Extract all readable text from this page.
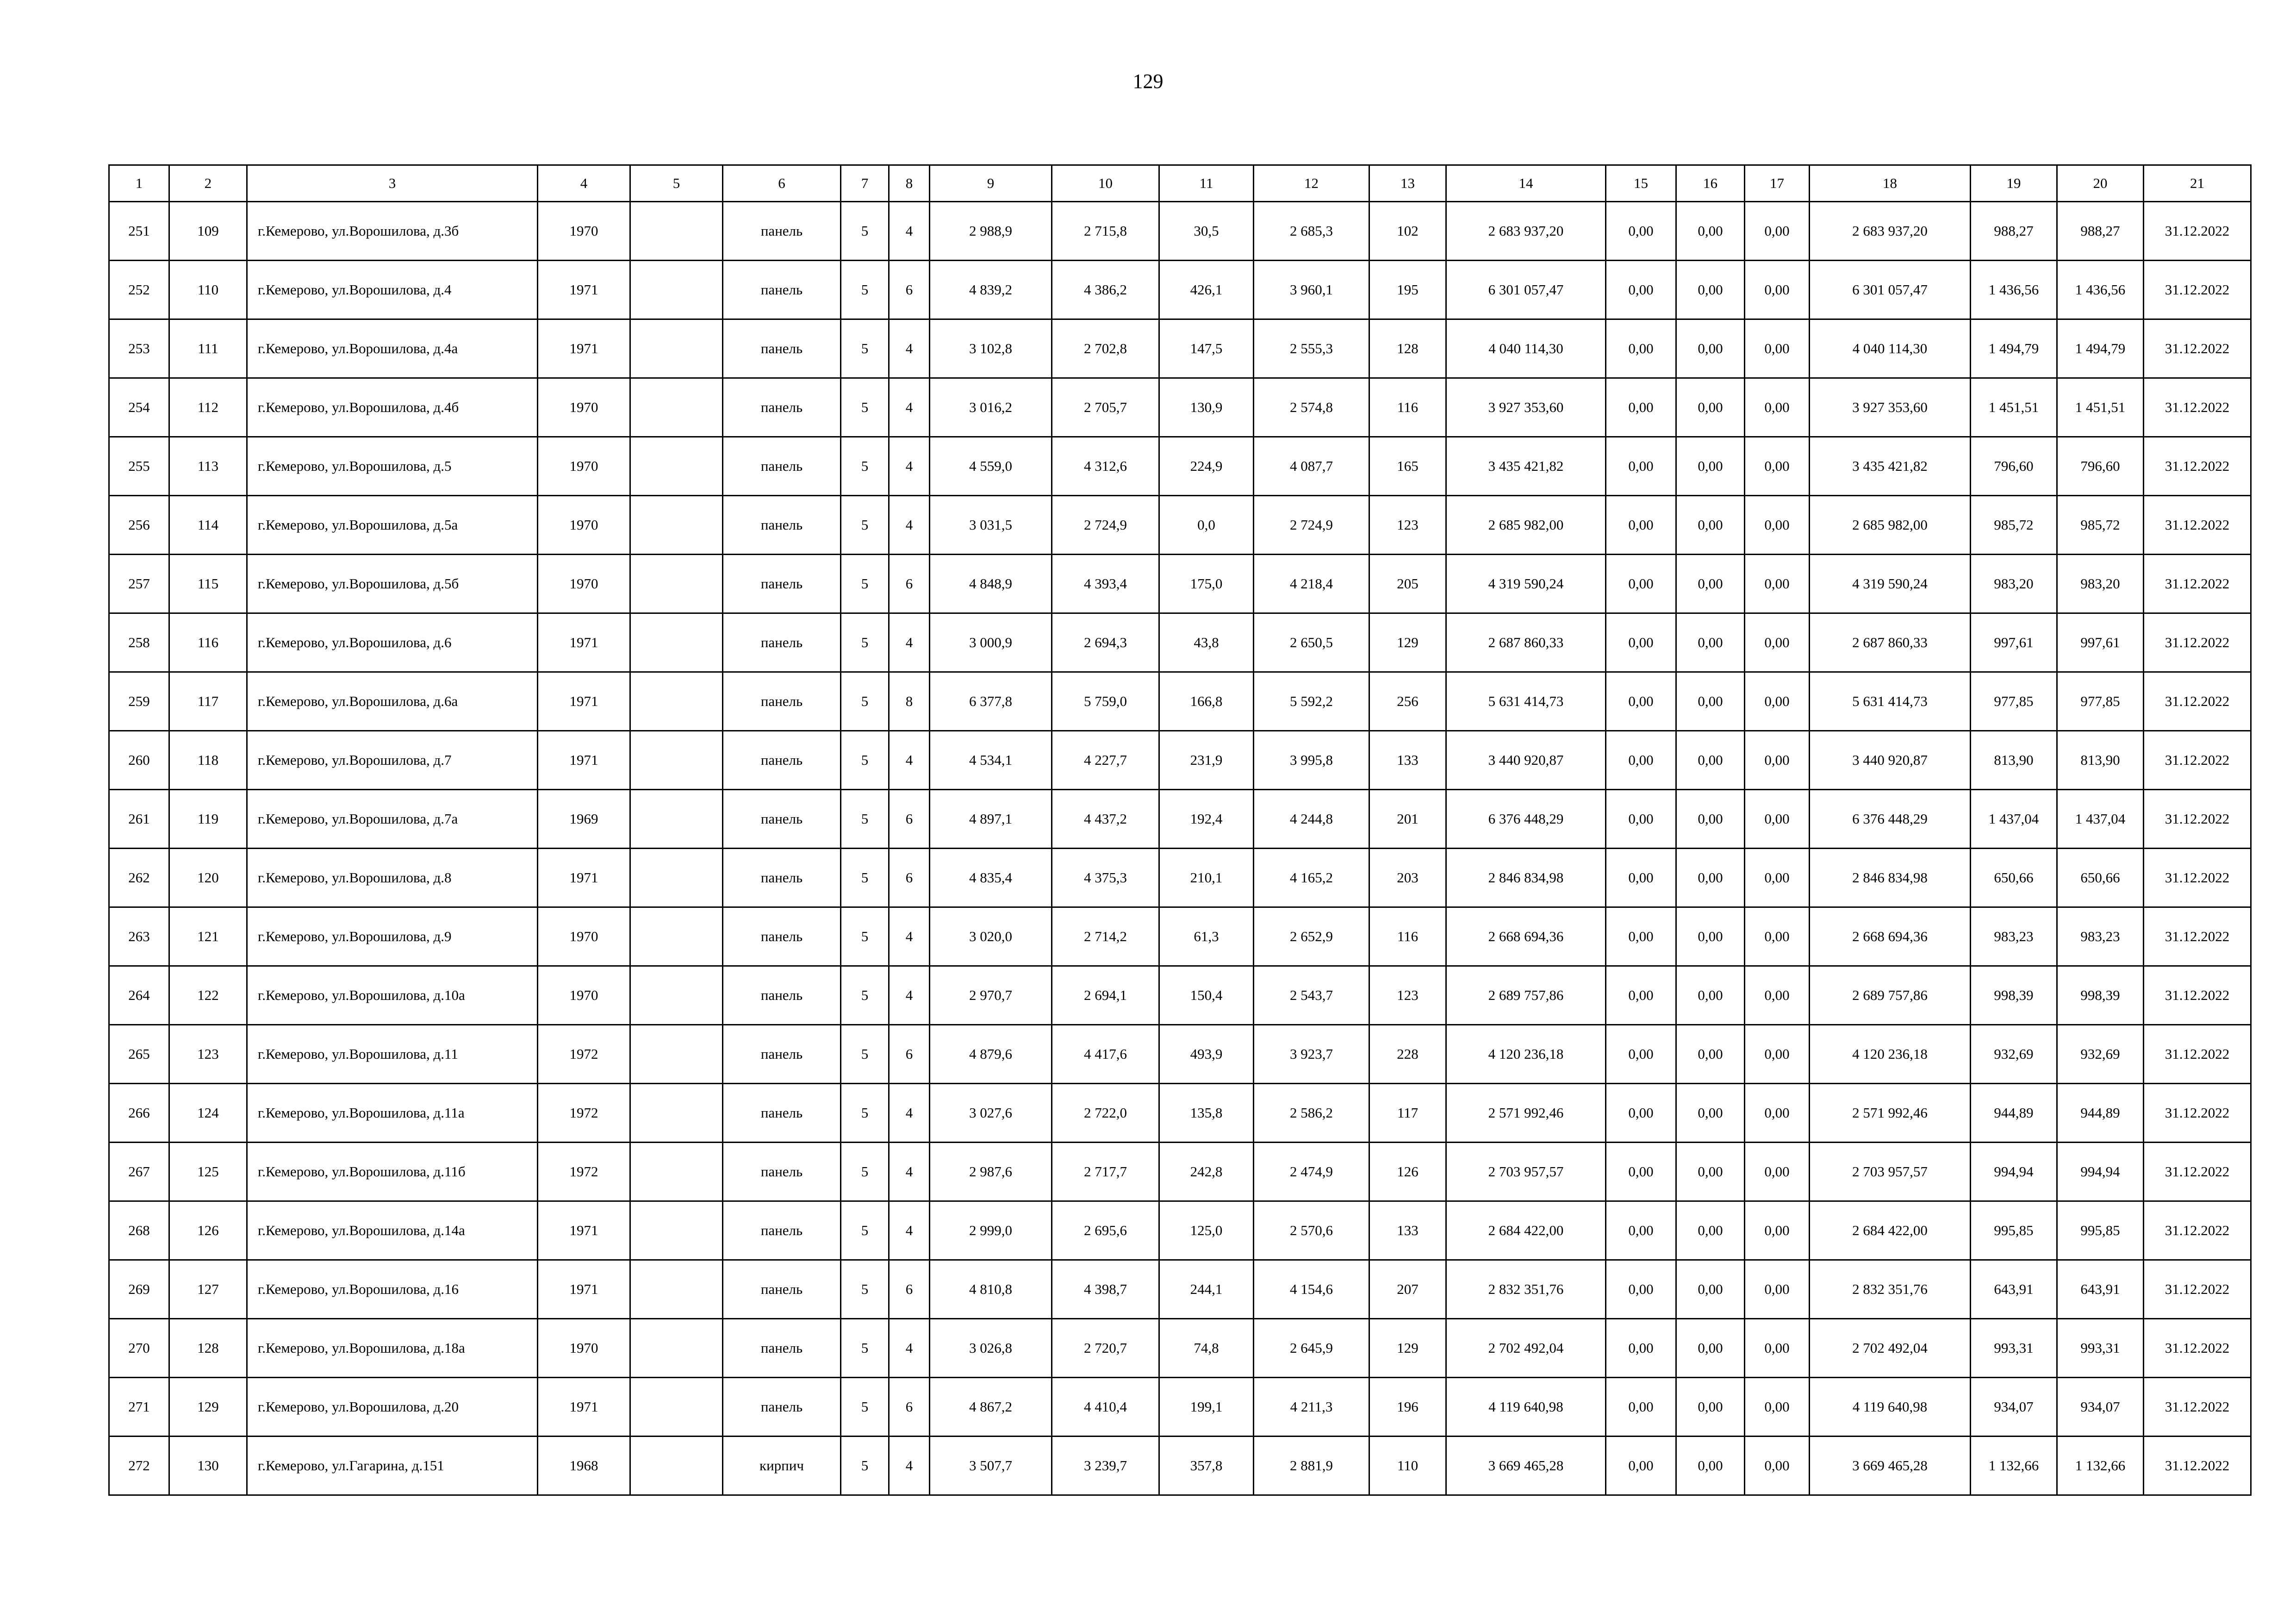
129
1	2	3	4	5	6	7	8	9	10	11	12	13	14	15	16	17	18	19	20	21
251	109	г.Кемерово, ул.Ворошилова, д.3б	1970		панель	5	4	2 988,9	2 715,8	30,5	2 685,3	102	2 683 937,20	0,00	0,00	0,00	2 683 937,20	988,27	988,27	31.12.2022
252	110	г.Кемерово, ул.Ворошилова, д.4	1971		панель	5	6	4 839,2	4 386,2	426,1	3 960,1	195	6 301 057,47	0,00	0,00	0,00	6 301 057,47	1 436,56	1 436,56	31.12.2022
253	111	г.Кемерово, ул.Ворошилова, д.4а	1971		панель	5	4	3 102,8	2 702,8	147,5	2 555,3	128	4 040 114,30	0,00	0,00	0,00	4 040 114,30	1 494,79	1 494,79	31.12.2022
254	112	г.Кемерово, ул.Ворошилова, д.4б	1970		панель	5	4	3 016,2	2 705,7	130,9	2 574,8	116	3 927 353,60	0,00	0,00	0,00	3 927 353,60	1 451,51	1 451,51	31.12.2022
255	113	г.Кемерово, ул.Ворошилова, д.5	1970		панель	5	4	4 559,0	4 312,6	224,9	4 087,7	165	3 435 421,82	0,00	0,00	0,00	3 435 421,82	796,60	796,60	31.12.2022
256	114	г.Кемерово, ул.Ворошилова, д.5а	1970		панель	5	4	3 031,5	2 724,9	0,0	2 724,9	123	2 685 982,00	0,00	0,00	0,00	2 685 982,00	985,72	985,72	31.12.2022
257	115	г.Кемерово, ул.Ворошилова, д.5б	1970		панель	5	6	4 848,9	4 393,4	175,0	4 218,4	205	4 319 590,24	0,00	0,00	0,00	4 319 590,24	983,20	983,20	31.12.2022
258	116	г.Кемерово, ул.Ворошилова, д.6	1971		панель	5	4	3 000,9	2 694,3	43,8	2 650,5	129	2 687 860,33	0,00	0,00	0,00	2 687 860,33	997,61	997,61	31.12.2022
259	117	г.Кемерово, ул.Ворошилова, д.6а	1971		панель	5	8	6 377,8	5 759,0	166,8	5 592,2	256	5 631 414,73	0,00	0,00	0,00	5 631 414,73	977,85	977,85	31.12.2022
260	118	г.Кемерово, ул.Ворошилова, д.7	1971		панель	5	4	4 534,1	4 227,7	231,9	3 995,8	133	3 440 920,87	0,00	0,00	0,00	3 440 920,87	813,90	813,90	31.12.2022
261	119	г.Кемерово, ул.Ворошилова, д.7а	1969		панель	5	6	4 897,1	4 437,2	192,4	4 244,8	201	6 376 448,29	0,00	0,00	0,00	6 376 448,29	1 437,04	1 437,04	31.12.2022
262	120	г.Кемерово, ул.Ворошилова, д.8	1971		панель	5	6	4 835,4	4 375,3	210,1	4 165,2	203	2 846 834,98	0,00	0,00	0,00	2 846 834,98	650,66	650,66	31.12.2022
263	121	г.Кемерово, ул.Ворошилова, д.9	1970		панель	5	4	3 020,0	2 714,2	61,3	2 652,9	116	2 668 694,36	0,00	0,00	0,00	2 668 694,36	983,23	983,23	31.12.2022
264	122	г.Кемерово, ул.Ворошилова, д.10а	1970		панель	5	4	2 970,7	2 694,1	150,4	2 543,7	123	2 689 757,86	0,00	0,00	0,00	2 689 757,86	998,39	998,39	31.12.2022
265	123	г.Кемерово, ул.Ворошилова, д.11	1972		панель	5	6	4 879,6	4 417,6	493,9	3 923,7	228	4 120 236,18	0,00	0,00	0,00	4 120 236,18	932,69	932,69	31.12.2022
266	124	г.Кемерово, ул.Ворошилова, д.11а	1972		панель	5	4	3 027,6	2 722,0	135,8	2 586,2	117	2 571 992,46	0,00	0,00	0,00	2 571 992,46	944,89	944,89	31.12.2022
267	125	г.Кемерово, ул.Ворошилова, д.11б	1972		панель	5	4	2 987,6	2 717,7	242,8	2 474,9	126	2 703 957,57	0,00	0,00	0,00	2 703 957,57	994,94	994,94	31.12.2022
268	126	г.Кемерово, ул.Ворошилова, д.14а	1971		панель	5	4	2 999,0	2 695,6	125,0	2 570,6	133	2 684 422,00	0,00	0,00	0,00	2 684 422,00	995,85	995,85	31.12.2022
269	127	г.Кемерово, ул.Ворошилова, д.16	1971		панель	5	6	4 810,8	4 398,7	244,1	4 154,6	207	2 832 351,76	0,00	0,00	0,00	2 832 351,76	643,91	643,91	31.12.2022
270	128	г.Кемерово, ул.Ворошилова, д.18а	1970		панель	5	4	3 026,8	2 720,7	74,8	2 645,9	129	2 702 492,04	0,00	0,00	0,00	2 702 492,04	993,31	993,31	31.12.2022
271	129	г.Кемерово, ул.Ворошилова, д.20	1971		панель	5	6	4 867,2	4 410,4	199,1	4 211,3	196	4 119 640,98	0,00	0,00	0,00	4 119 640,98	934,07	934,07	31.12.2022
272	130	г.Кемерово, ул.Гагарина, д.151	1968		кирпич	5	4	3 507,7	3 239,7	357,8	2 881,9	110	3 669 465,28	0,00	0,00	0,00	3 669 465,28	1 132,66	1 132,66	31.12.2022
